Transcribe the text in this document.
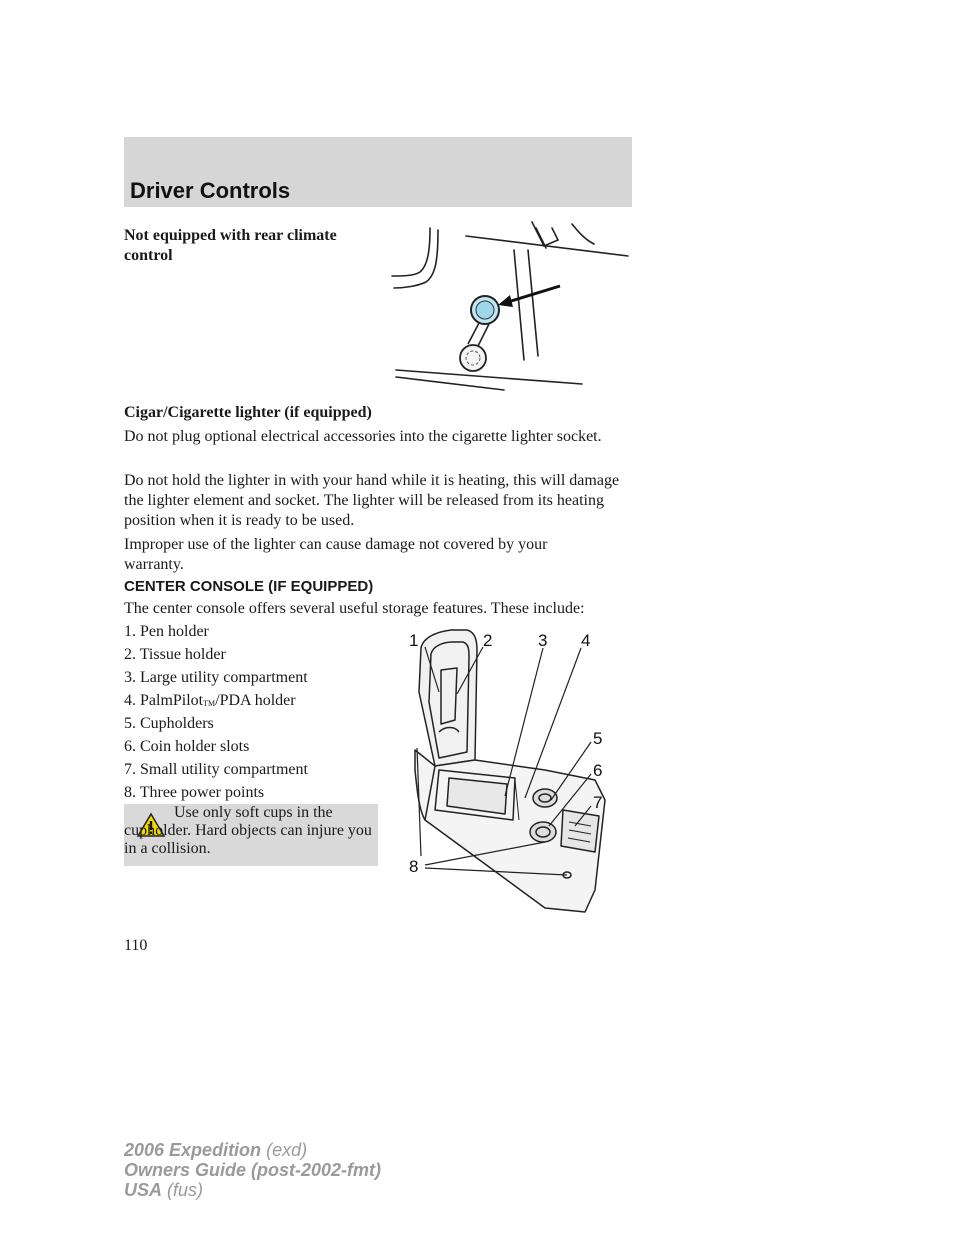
Driver Controls

Not equipped with rear climate control

Cigar/Cigarette lighter (if equipped)

Do not plug optional electrical accessories into the cigarette lighter socket.

Do not hold the lighter in with your hand while it is heating, this will damage the lighter element and socket. The lighter will be released from its heating position when it is ready to be used.

Improper use of the lighter can cause damage not covered by your warranty.

CENTER CONSOLE (IF EQUIPPED)

The center console offers several useful storage features. These include:

1. Pen holder
2. Tissue holder
3. Large utility compartment
4. PalmPilot™/PDA holder
5. Cupholders
6. Coin holder slots
7. Small utility compartment
8. Three power points

Use only soft cups in the cupholder. Hard objects can injure you in a collision.

1	2	3 4
5
6
7
8

110

2006 Expedition (exd)
Owners Guide (post-2002-fmt)
USA (fus)
